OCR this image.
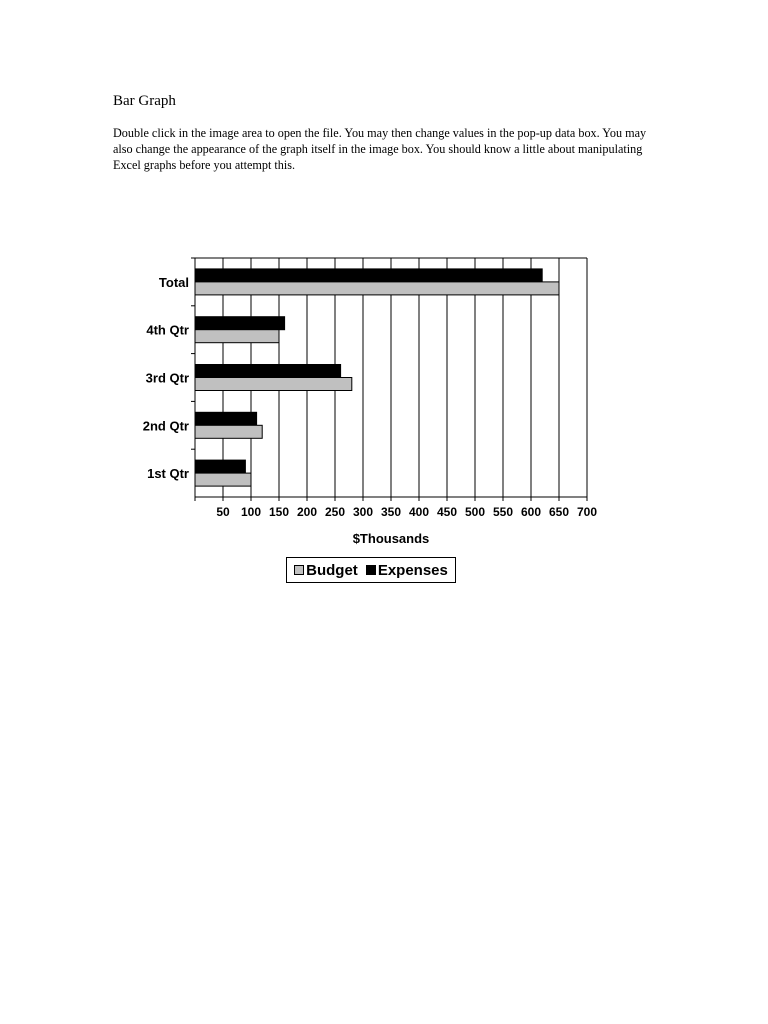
Bar Graph
Double click in the image area to open the file. You may then change values in the pop-up data box. You may also change the appearance of the graph itself in the image box. You should know a little about manipulating Excel graphs before you attempt this.
50 100 150 200 250 300 350 400 450 500 550 600 650 700
Total
4th Qtr
3rd Qtr
2nd Qtr
1st Qtr
$Thousands
Budget Expenses
